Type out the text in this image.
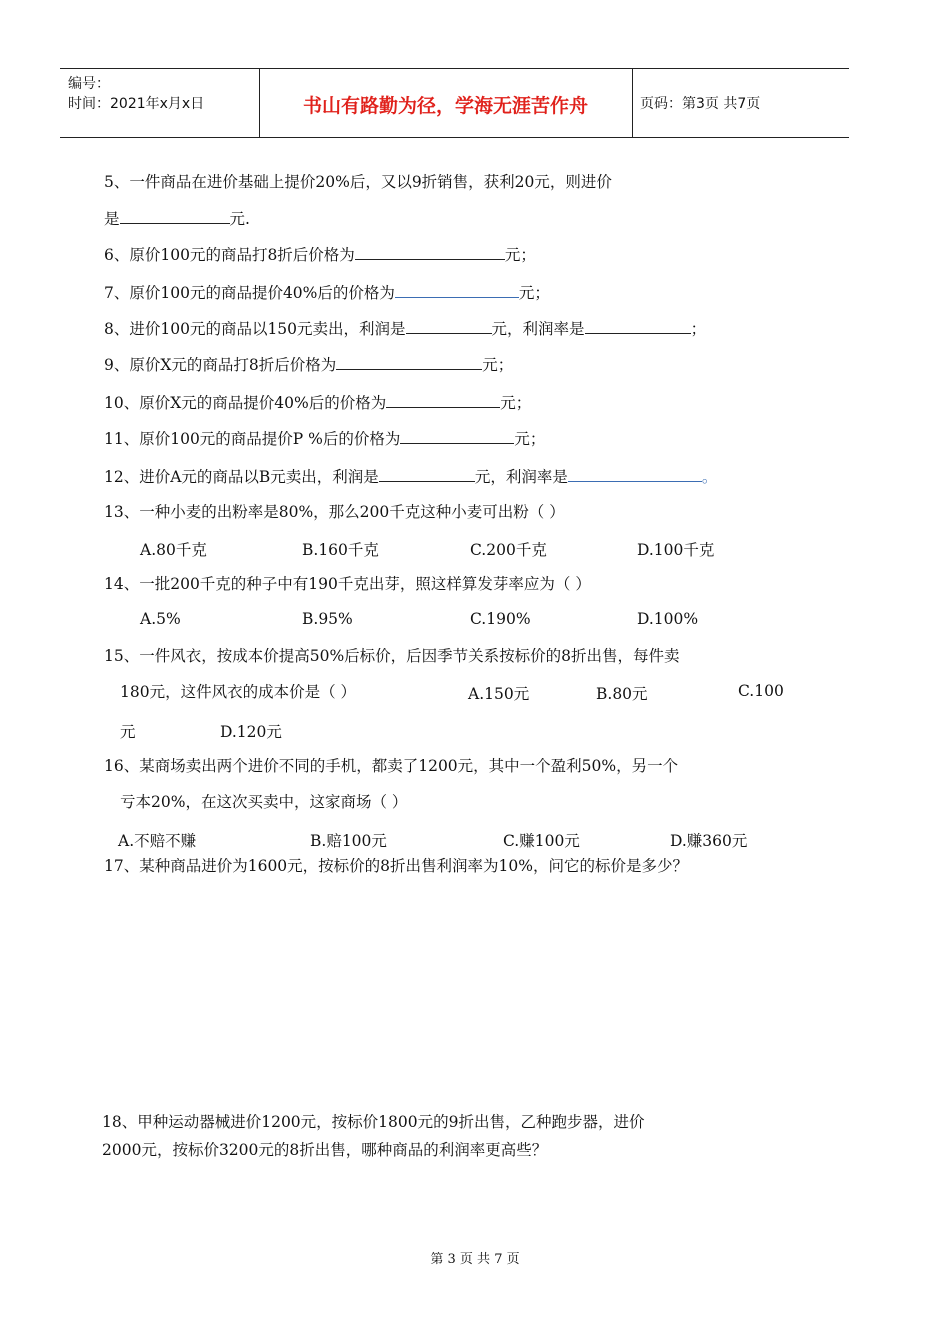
编号：
时间：2021年x月x日	书山有路勤为径，学海无涯苦作舟	页码：第3页 共7页
5、一件商品在进价基础上提价20%后，又以9折销售，获利20元，则进价
是	元.
6、原价100元的商品打8折后价格为	元；
7、原价100元的商品提价40%后的价格为	元；
8、进价100元的商品以150元卖出，利润是	元，利润率是	；
9、原价X元的商品打8折后价格为	元；
10、原价X元的商品提价40%后的价格为	元；
11、原价100元的商品提价P %后的价格为	元；
12、进价A元的商品以B元卖出，利润是	元，利润率是	。
13、一种小麦的出粉率是80%，那么200千克这种小麦可出粉（ ）
A.80千克	B.160千克	C.200千克	D.100千克
14、一批200千克的种子中有190千克出芽，照这样算发芽率应为（ ）
A.5%	B.95%	C.190%	D.100%
15、一件风衣，按成本价提高50%后标价，后因季节关系按标价的8折出售，每件卖
180元，这件风衣的成本价是（ ）	A.150元	B.80元	C.100
元	D.120元
16、某商场卖出两个进价不同的手机，都卖了1200元，其中一个盈利50%，另一个
亏本20%，在这次买卖中，这家商场（ ）
A.不赔不赚	B.赔100元	C.赚100元	D.赚360元
17、某种商品进价为1600元，按标价的8折出售利润率为10%，问它的标价是多少？
18、甲种运动器械进价1200元，按标价1800元的9折出售，乙种跑步器，进价
2000元，按标价3200元的8折出售，哪种商品的利润率更高些？
第 3 页 共 7 页
